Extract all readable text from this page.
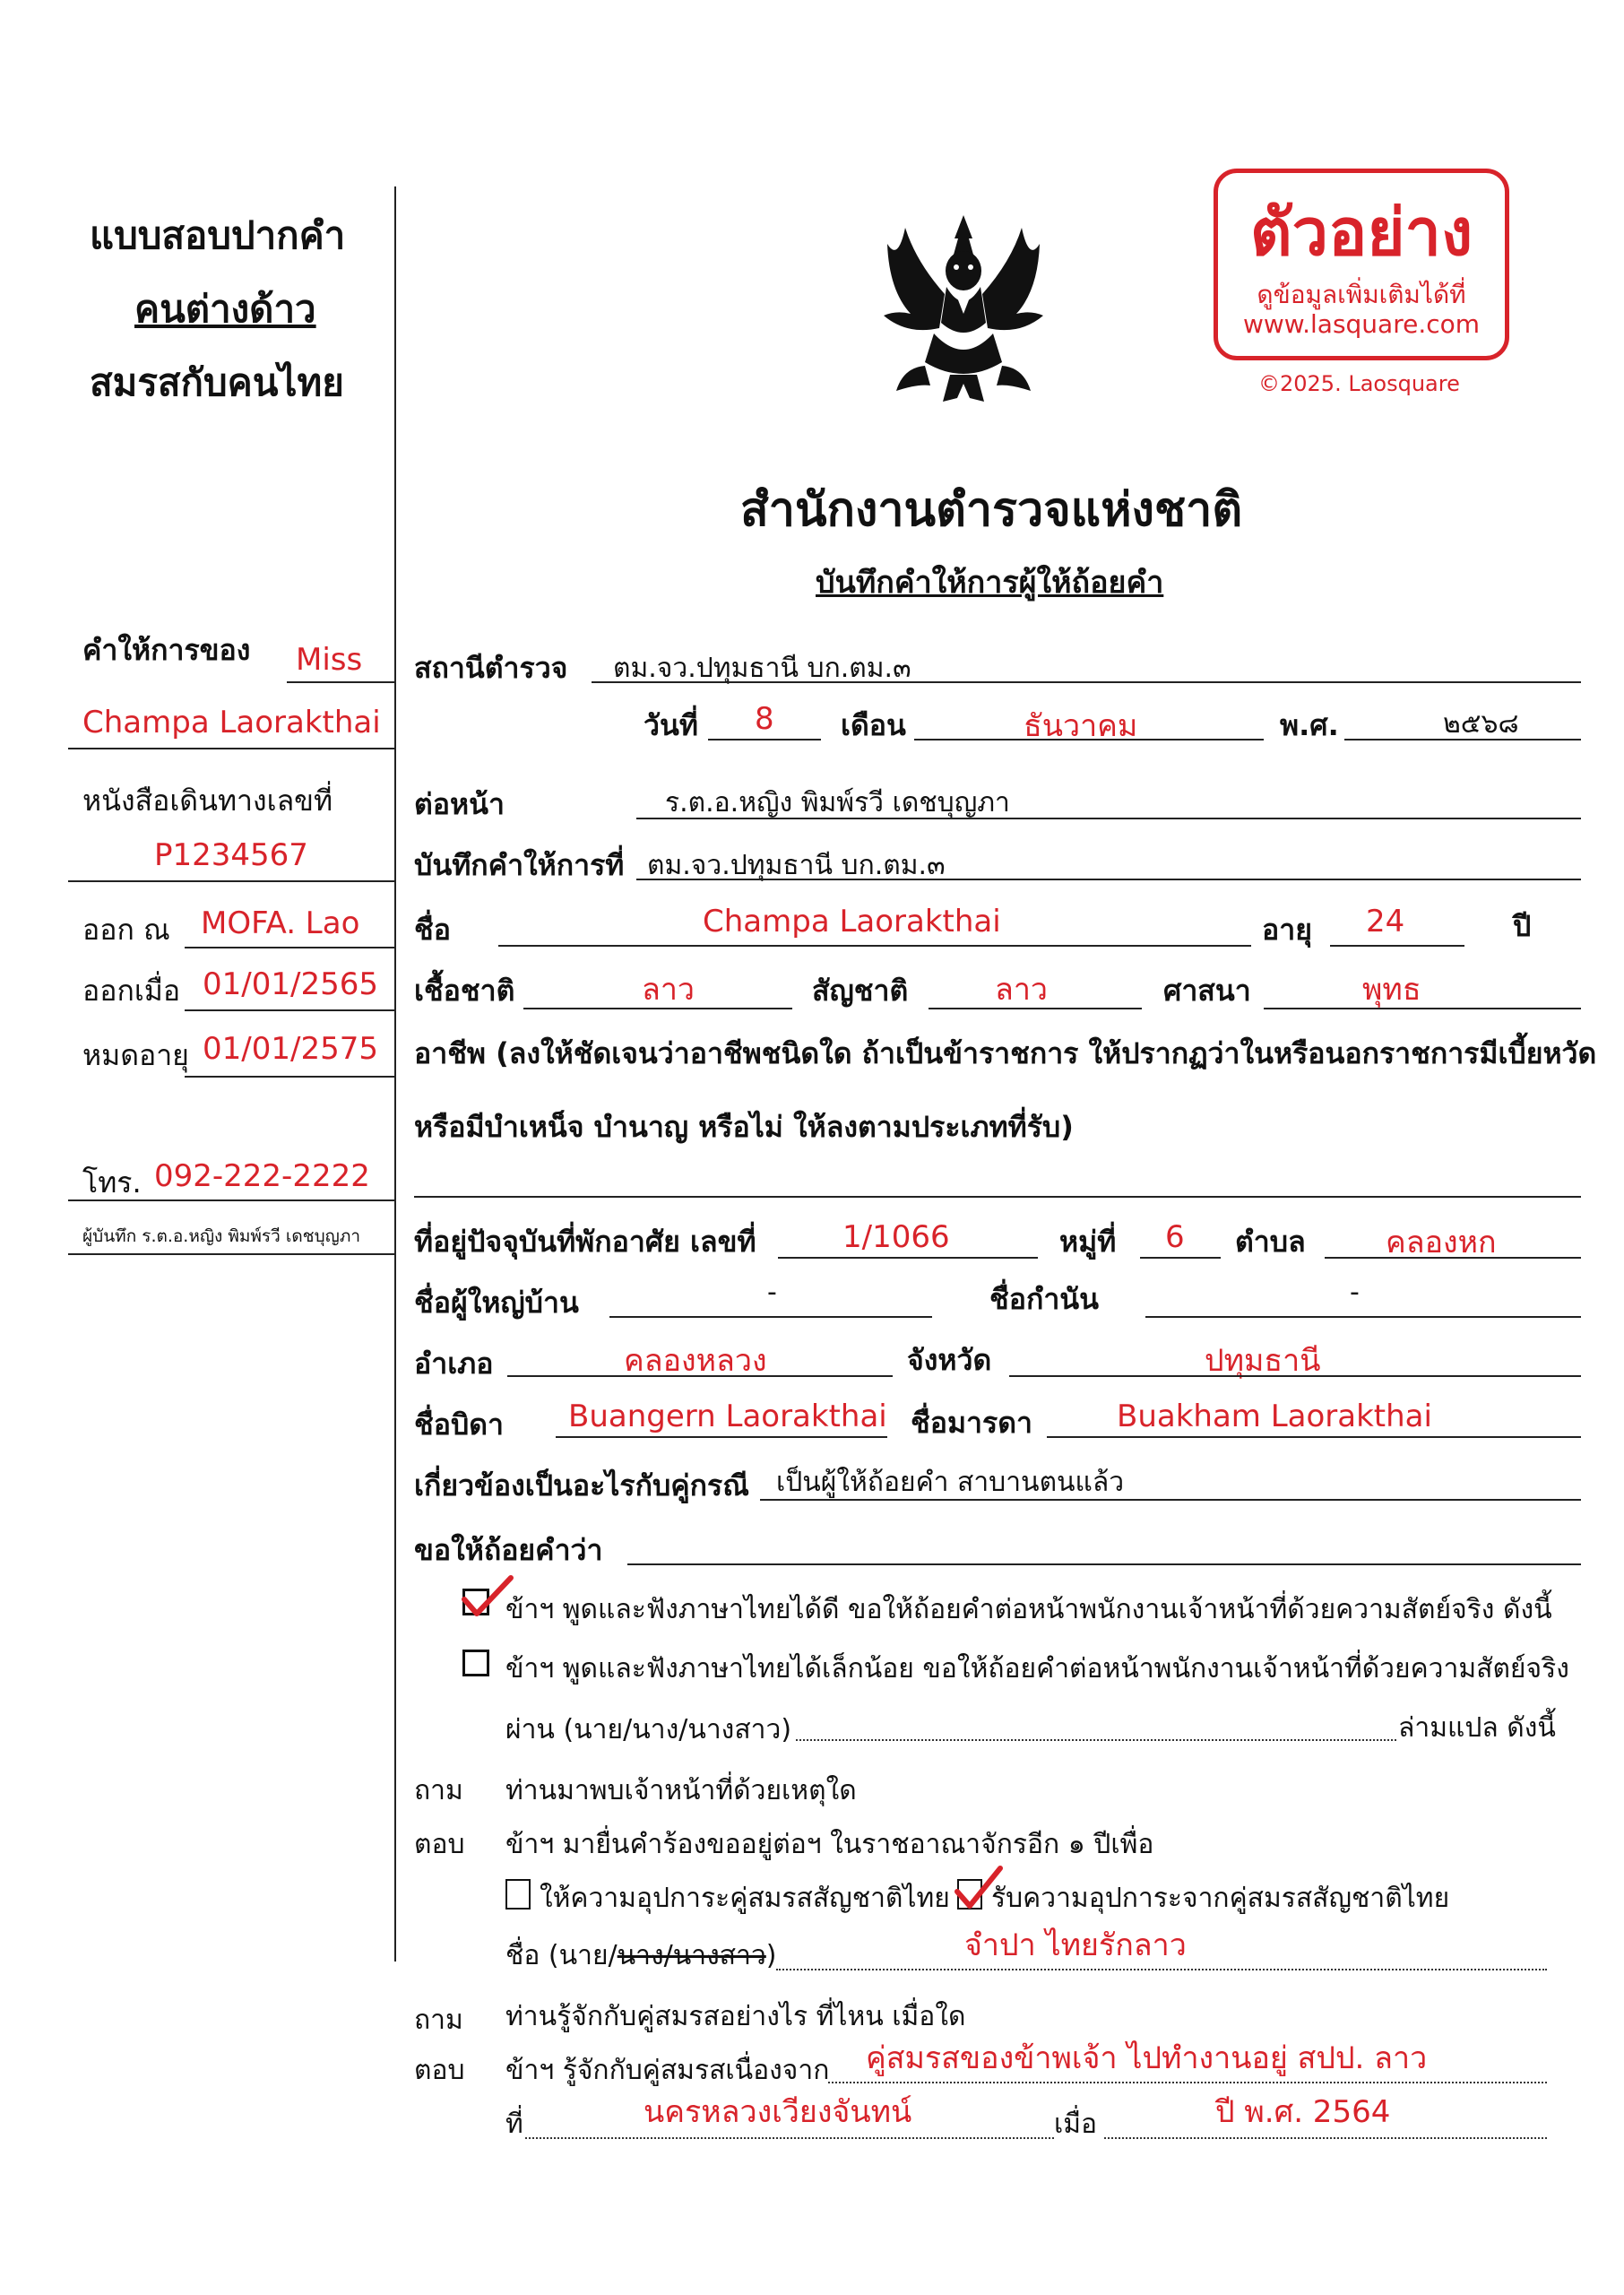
แบบสอบปากคำ
คนต่างด้าว
สมรสกับคนไทย
คำให้การของ Miss
Champa Laorakthai
หนังสือเดินทางเลขที่
P1234567
ออก ณ MOFA. Lao
ออกเมื่อ 01/01/2565
หมดอายุ 01/01/2575
โทร. 092-222-2222
ผู้บันทึก ร.ต.อ.หญิง พิมพ์รวี เดชบุญภา
ตัวอย่าง
ดูข้อมูลเพิ่มเติมได้ที่
www.lasquare.com
©2025. Laosquare
สำนักงานตำรวจแห่งชาติ
บันทึกคำให้การผู้ให้ถ้อยคำ
สถานีตำรวจ ตม.จว.ปทุมธานี บก.ตม.๓
วันที่ 8 เดือน	ธันวาคม	พ.ศ.	๒๕๖๘
ต่อหน้า	ร.ต.อ.หญิง พิมพ์รวี เดชบุญภา
บันทึกคำให้การที่ ตม.จว.ปทุมธานี บก.ตม.๓
ชื่อ	Champa Laorakthai	อายุ 24	ปี
เชื้อชาติ	ลาว	สัญชาติ	ลาว	ศาสนา	พุทธ
อาชีพ (ลงให้ชัดเจนว่าอาชีพชนิดใด ถ้าเป็นข้าราชการ ให้ปรากฏว่าในหรือนอกราชการมีเบี้ยหวัด
หรือมีบำเหน็จ บำนาญ หรือไม่ ให้ลงตามประเภทที่รับ)
ที่อยู่ปัจจุบันที่พักอาศัย เลขที่	1/1066	หมู่ที่ 6 ตำบล	คลองหก
ชื่อผู้ใหญ่บ้าน	-	ชื่อกำนัน	-
อำเภอ	คลองหลวง	จังหวัด	ปทุมธานี
ชื่อบิดา Buangern Laorakthai ชื่อมารดา	Buakham Laorakthai
เกี่ยวข้องเป็นอะไรกับคู่กรณี เป็นผู้ให้ถ้อยคำ สาบานตนแล้ว
ขอให้ถ้อยคำว่า
ข้าฯ พูดและฟังภาษาไทยได้ดี ขอให้ถ้อยคำต่อหน้าพนักงานเจ้าหน้าที่ด้วยความสัตย์จริง ดังนี้
ข้าฯ พูดและฟังภาษาไทยได้เล็กน้อย ขอให้ถ้อยคำต่อหน้าพนักงานเจ้าหน้าที่ด้วยความสัตย์จริง
ผ่าน (นาย/นาง/นางสาว)	ล่ามแปล ดังนี้
ถาม ท่านมาพบเจ้าหน้าที่ด้วยเหตุใด
ตอบ ข้าฯ มายื่นคำร้องขออยู่ต่อฯ ในราชอาณาจักรอีก ๑ ปีเพื่อ
ให้ความอุปการะคู่สมรสสัญชาติไทย รับความอุปการะจากคู่สมรสสัญชาติไทย
ชื่อ (นาย/นาง/นางสาว)	จำปา ไทยรักลาว
ถาม ท่านรู้จักกับคู่สมรสอย่างไร ที่ไหน เมื่อใด
ตอบ ข้าฯ รู้จักกับคู่สมรสเนื่องจาก คู่สมรสของข้าพเจ้า ไปทำงานอยู่ สปป. ลาว
ที่	นครหลวงเวียงจันทน์	เมื่อ	ปี พ.ศ. 2564
